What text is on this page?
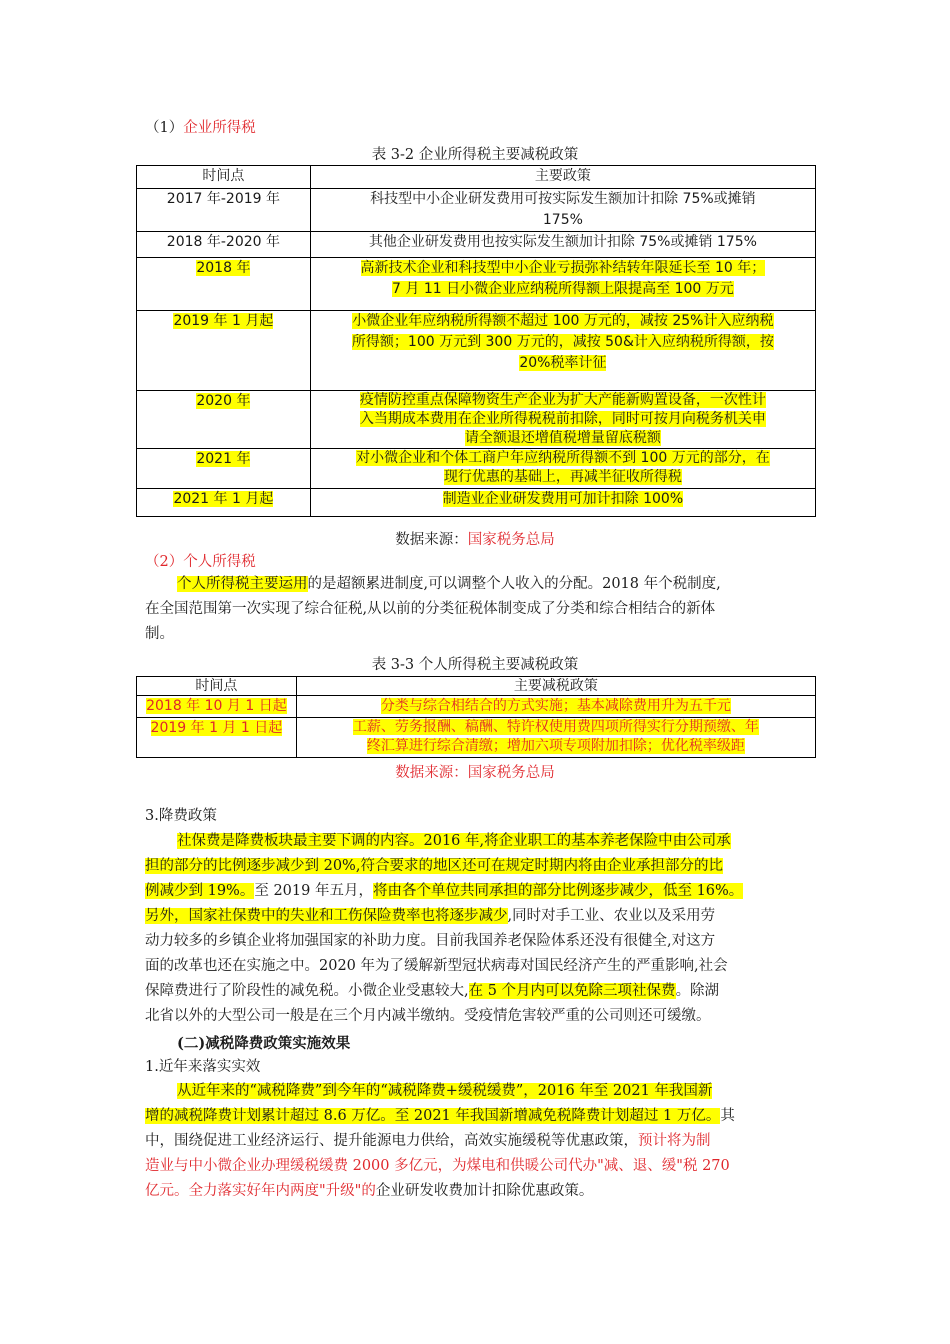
（1）企业所得税
表 3-2 企业所得税主要减税政策
时间点	主要政策
2017 年-2019 年	科技型中小企业研发费用可按实际发生额加计扣除 75%或摊销
175%

2018 年-2020 年	其他企业研发费用也按实际发生额加计扣除 75%或摊销 175%

2018 年	高新技术企业和科技型中小企业亏损弥补结转年限延长至 10 年；
7 月 11 日小微企业应纳税所得额上限提高至 100 万元

2019 年 1 月起	小微企业年应纳税所得额不超过 100 万元的，减按 25%计入应纳税
所得额；100 万元到 300 万元的，减按 50&计入应纳税所得额，按
20%税率计征

2020 年	疫情防控重点保障物资生产企业为扩大产能新购置设备，一次性计
入当期成本费用在企业所得税税前扣除，同时可按月向税务机关申
请全额退还增值税增量留底税额

2021 年	对小微企业和个体工商户年应纳税所得额不到 100 万元的部分，在
现行优惠的基础上，再减半征收所得税

2021 年 1 月起	制造业企业研发费用可加计扣除 100%
数据来源：国家税务总局
（2）个人所得税

个人所得税主要运用的是超额累进制度,可以调整个人收入的分配。2018 年个税制度,

在全国范围第一次实现了综合征税,从以前的分类征税体制变成了分类和综合相结合的新体

制。

表 3-3 个人所得税主要减税政策
时间点	主要减税政策
2018 年 10 月 1 日起	分类与综合相结合的方式实施；基本减除费用升为五千元
2019 年 1 月 1 日起	工薪、劳务报酬、稿酬、特许权使用费四项所得实行分期预缴、年
终汇算进行综合清缴；增加六项专项附加扣除；优化税率级距
数据来源：国家税务总局
3.降费政策

社保费是降费板块最主要下调的内容。2016 年,将企业职工的基本养老保险中由公司承

担的部分的比例逐步减少到 20%,符合要求的地区还可在规定时期内将由企业承担部分的比

例减少到 19%。至 2019 年五月，将由各个单位共同承担的部分比例逐步减少，低至 16%。

另外，国家社保费中的失业和工伤保险费率也将逐步减少,同时对手工业、农业以及采用劳

动力较多的乡镇企业将加强国家的补助力度。目前我国养老保险体系还没有很健全,对这方

面的改革也还在实施之中。2020 年为了缓解新型冠状病毒对国民经济产生的严重影响,社会

保障费进行了阶段性的减免税。小微企业受惠较大,在 5 个月内可以免除三项社保费。除湖

北省以外的大型公司一般是在三个月内减半缴纳。受疫情危害较严重的公司则还可缓缴。

(二)减税降费政策实施效果
1.近年来落实实效

从近年来的“减税降费”到今年的“减税降费+缓税缓费”，2016 年至 2021 年我国新

增的减税降费计划累计超过 8.6 万亿。至 2021 年我国新增减免税降费计划超过 1 万亿。其

中，围绕促进工业经济运行、提升能源电力供给，高效实施缓税等优惠政策，预计将为制

造业与中小微企业办理缓税缓费 2000 多亿元，为煤电和供暖公司代办"减、退、缓"税 270

亿元。全力落实好年内两度"升级"的企业研发收费加计扣除优惠政策。
